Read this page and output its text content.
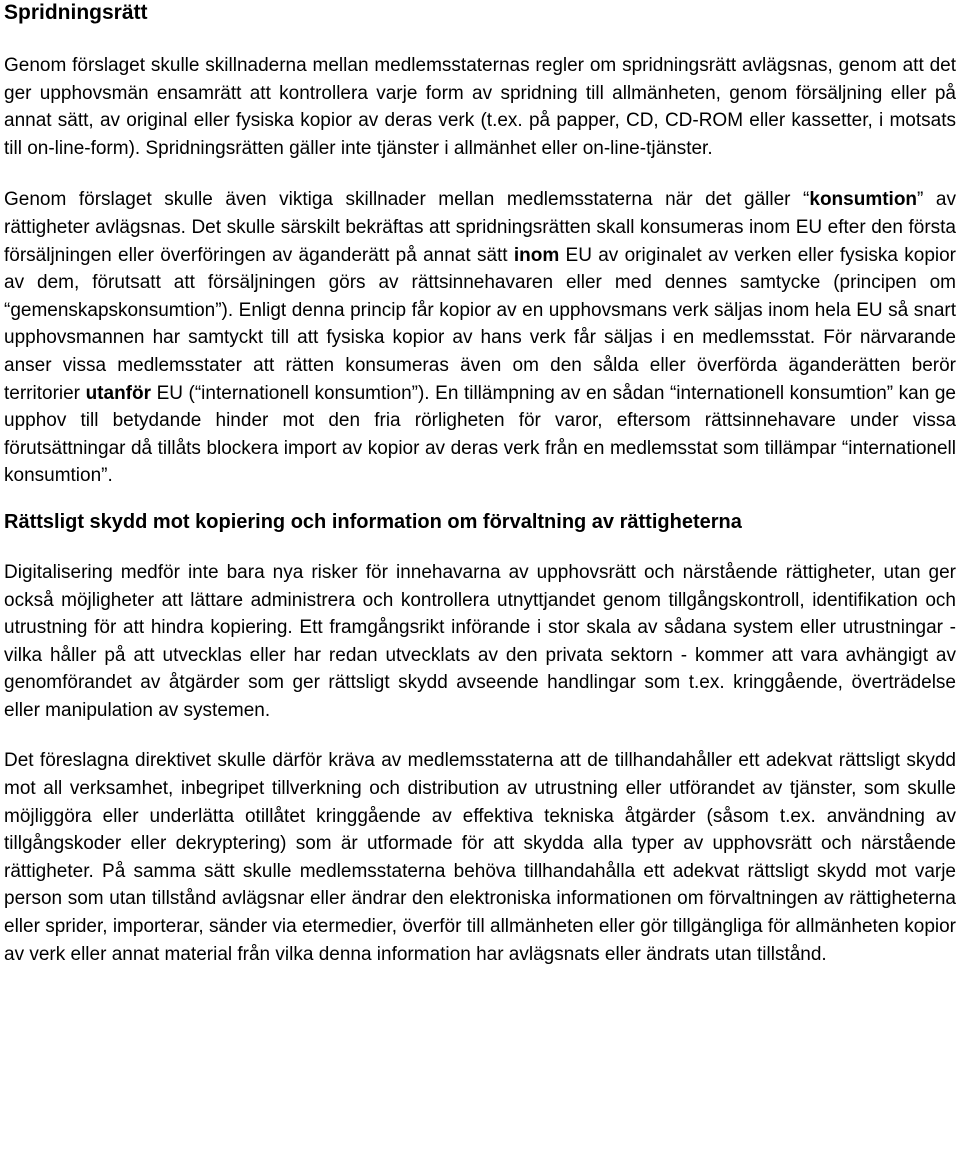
Spridningsrätt

Genom förslaget skulle skillnaderna mellan medlemsstaternas regler om spridningsrätt avlägsnas, genom att det ger upphovsmän ensamrätt att kontrollera varje form av spridning till allmänheten, genom försäljning eller på annat sätt, av original eller fysiska kopior av deras verk (t.ex. på papper, CD, CD-ROM eller kassetter, i motsats till on-line-form). Spridningsrätten gäller inte tjänster i allmänhet eller on-line-tjänster.

Genom förslaget skulle även viktiga skillnader mellan medlemsstaterna när det gäller “konsumtion” av rättigheter avlägsnas. Det skulle särskilt bekräftas att spridningsrätten skall konsumeras inom EU efter den första försäljningen eller överföringen av äganderätt på annat sätt inom EU av originalet av verken eller fysiska kopior av dem, förutsatt att försäljningen görs av rättsinnehavaren eller med dennes samtycke (principen om “gemenskapskonsumtion”). Enligt denna princip får kopior av en upphovsmans verk säljas inom hela EU så snart upphovsmannen har samtyckt till att fysiska kopior av hans verk får säljas i en medlemsstat. För närvarande anser vissa medlemsstater att rätten konsumeras även om den sålda eller överförda äganderätten berör territorier utanför EU (“internationell konsumtion”). En tillämpning av en sådan “internationell konsumtion” kan ge upphov till betydande hinder mot den fria rörligheten för varor, eftersom rättsinnehavare under vissa förutsättningar då tillåts blockera import av kopior av deras verk från en medlemsstat som tillämpar “internationell konsumtion”.

Rättsligt skydd mot kopiering och information om förvaltning av rättigheterna

Digitalisering medför inte bara nya risker för innehavarna av upphovsrätt och närstående rättigheter, utan ger också möjligheter att lättare administrera och kontrollera utnyttjandet genom tillgångskontroll, identifikation och utrustning för att hindra kopiering. Ett framgångsrikt införande i stor skala av sådana system eller utrustningar - vilka håller på att utvecklas eller har redan utvecklats av den privata sektorn - kommer att vara avhängigt av genomförandet av åtgärder som ger rättsligt skydd avseende handlingar som t.ex. kringgående, överträdelse eller manipulation av systemen.

Det föreslagna direktivet skulle därför kräva av medlemsstaterna att de tillhandahåller ett adekvat rättsligt skydd mot all verksamhet, inbegripet tillverkning och distribution av utrustning eller utförandet av tjänster, som skulle möjliggöra eller underlätta otillåtet kringgående av effektiva tekniska åtgärder (såsom t.ex. användning av tillgångskoder eller dekryptering) som är utformade för att skydda alla typer av upphovsrätt och närstående rättigheter. På samma sätt skulle medlemsstaterna behöva tillhandahålla ett adekvat rättsligt skydd mot varje person som utan tillstånd avlägsnar eller ändrar den elektroniska informationen om förvaltningen av rättigheterna eller sprider, importerar, sänder via etermedier, överför till allmänheten eller gör tillgängliga för allmänheten kopior av verk eller annat material från vilka denna information har avlägsnats eller ändrats utan tillstånd.
